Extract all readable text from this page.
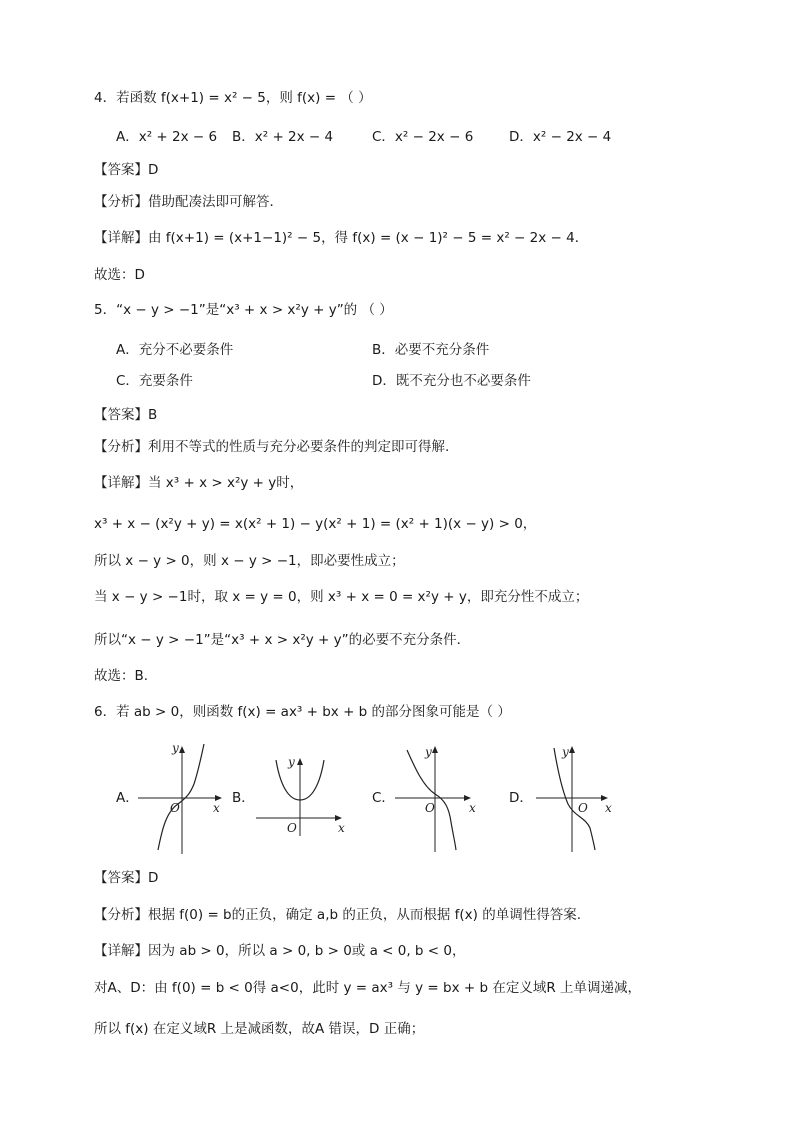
4．若函数 f(x+1) = x² − 5，则 f(x) = （ ）
A．x² + 2x − 6 B．x² + 2x − 4	C．x² − 2x − 6	D．x² − 2x − 4
【答案】D
【分析】借助配凑法即可解答．
【详解】由 f(x+1) = (x+1−1)² − 5，得 f(x) = (x − 1)² − 5 = x² − 2x − 4．
故选：D
5．“x − y > −1”是“x³ + x > x²y + y”的 （ ）
A．充分不必要条件	B．必要不充分条件
C．充要条件	D．既不充分也不必要条件
【答案】B
【分析】利用不等式的性质与充分必要条件的判定即可得解.
【详解】当 x³ + x > x²y + y时，
x³ + x − (x²y + y) = x(x² + 1) − y(x² + 1) = (x² + 1)(x − y) > 0，
所以 x − y > 0，则 x − y > −1，即必要性成立；
当 x − y > −1时，取 x = y = 0，则 x³ + x = 0 = x²y + y，即充分性不成立；
所以“x − y > −1”是“x³ + x > x²y + y”的必要不充分条件．
故选：B.
6．若 ab > 0，则函数 f(x) = ax³ + bx + b 的部分图象可能是（ ）
A．	B．	C．	D．
y
x
O
y
x
O
y
x
O
y
x
O
【答案】D
【分析】根据 f(0) = b的正负，确定 a,b 的正负，从而根据 f(x) 的单调性得答案.
【详解】因为 ab > 0，所以 a > 0, b > 0或 a < 0, b < 0，
对A、D：由 f(0) = b < 0得 a<0，此时 y = ax³ 与 y = bx + b 在定义域R 上单调递减，
所以 f(x) 在定义域R 上是减函数，故A 错误，D 正确；
